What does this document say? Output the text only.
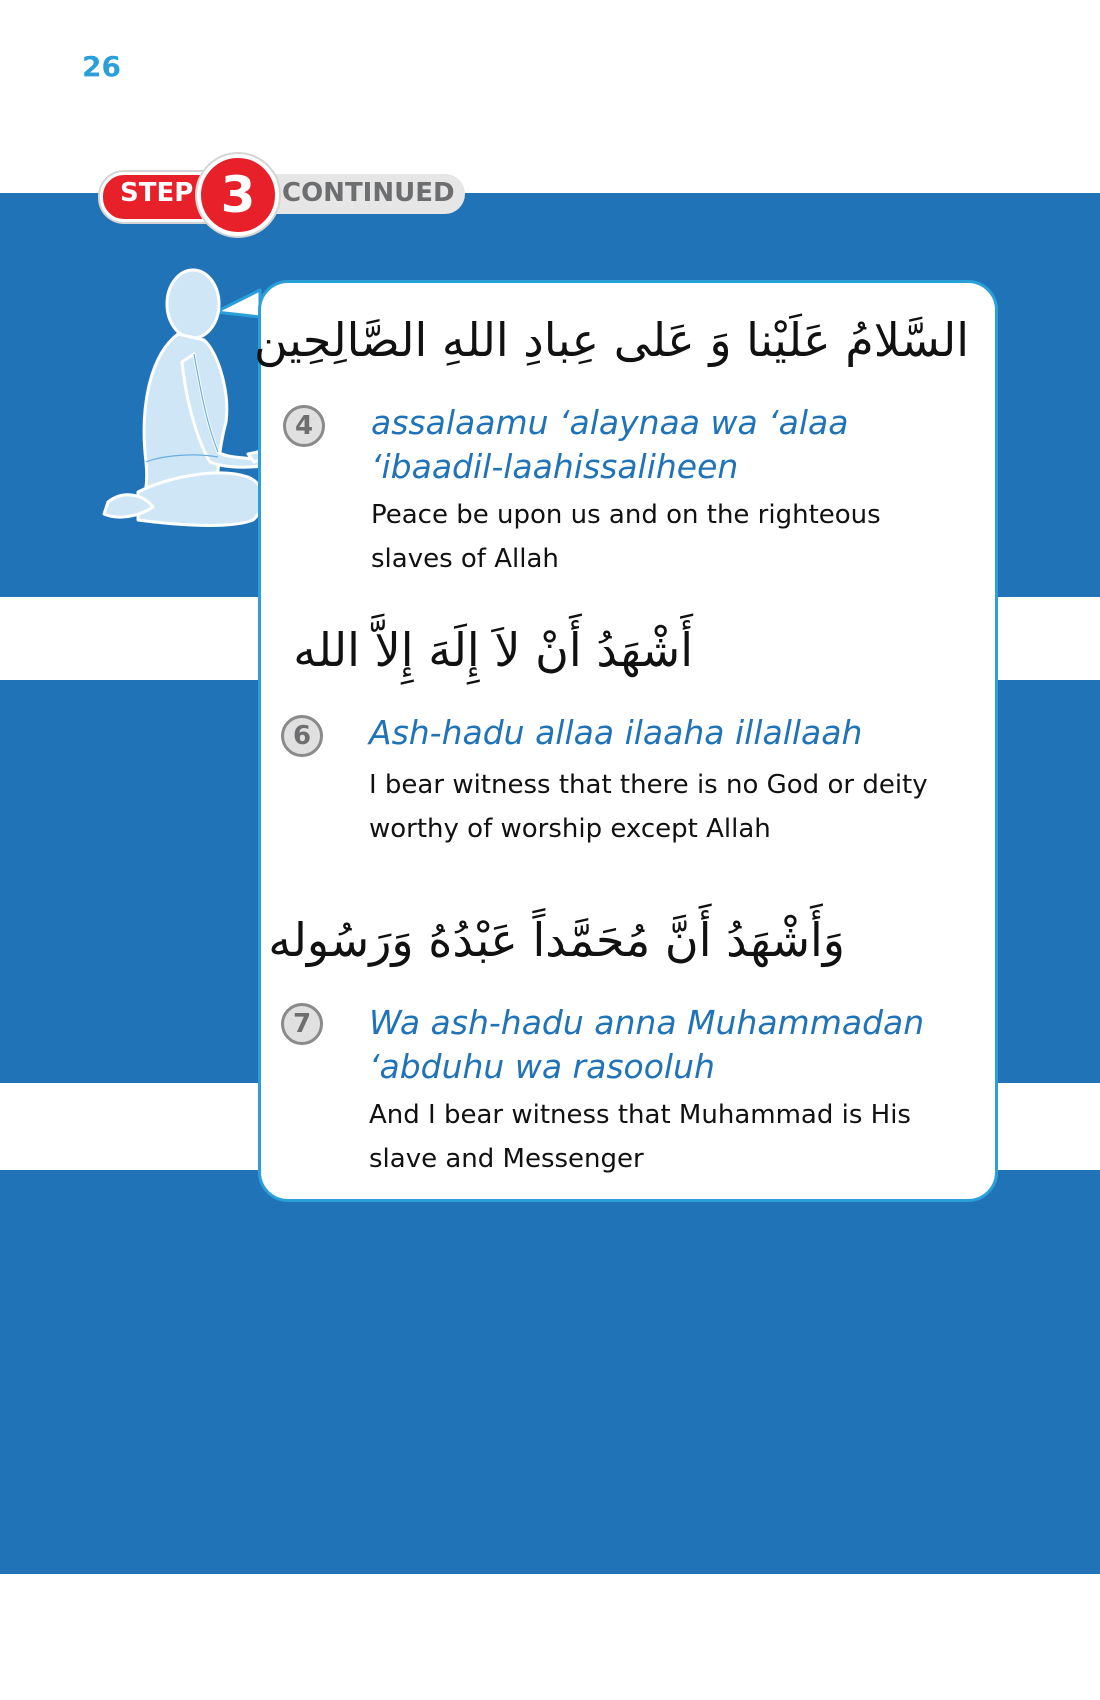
26
CONTINUED
STEP 3
السَّلامُ عَلَيْنا وَ عَلى عِبادِ اللهِ الصَّالِحِين
4	assalaamu ‘alaynaa wa ‘alaa ‘ibaadil-laahissaliheen
Peace be upon us and on the righteous slaves of Allah
أَشْهَدُ أَنْ لاَ إِلَهَ إِلاَّ الله
6	Ash-hadu allaa ilaaha illallaah
I bear witness that there is no God or deity worthy of worship except Allah
وَأَشْهَدُ أَنَّ مُحَمَّداً عَبْدُهُ وَرَسُوله
7	Wa ash-hadu anna Muhammadan ‘abduhu wa rasooluh
And I bear witness that Muhammad is His slave and Messenger
